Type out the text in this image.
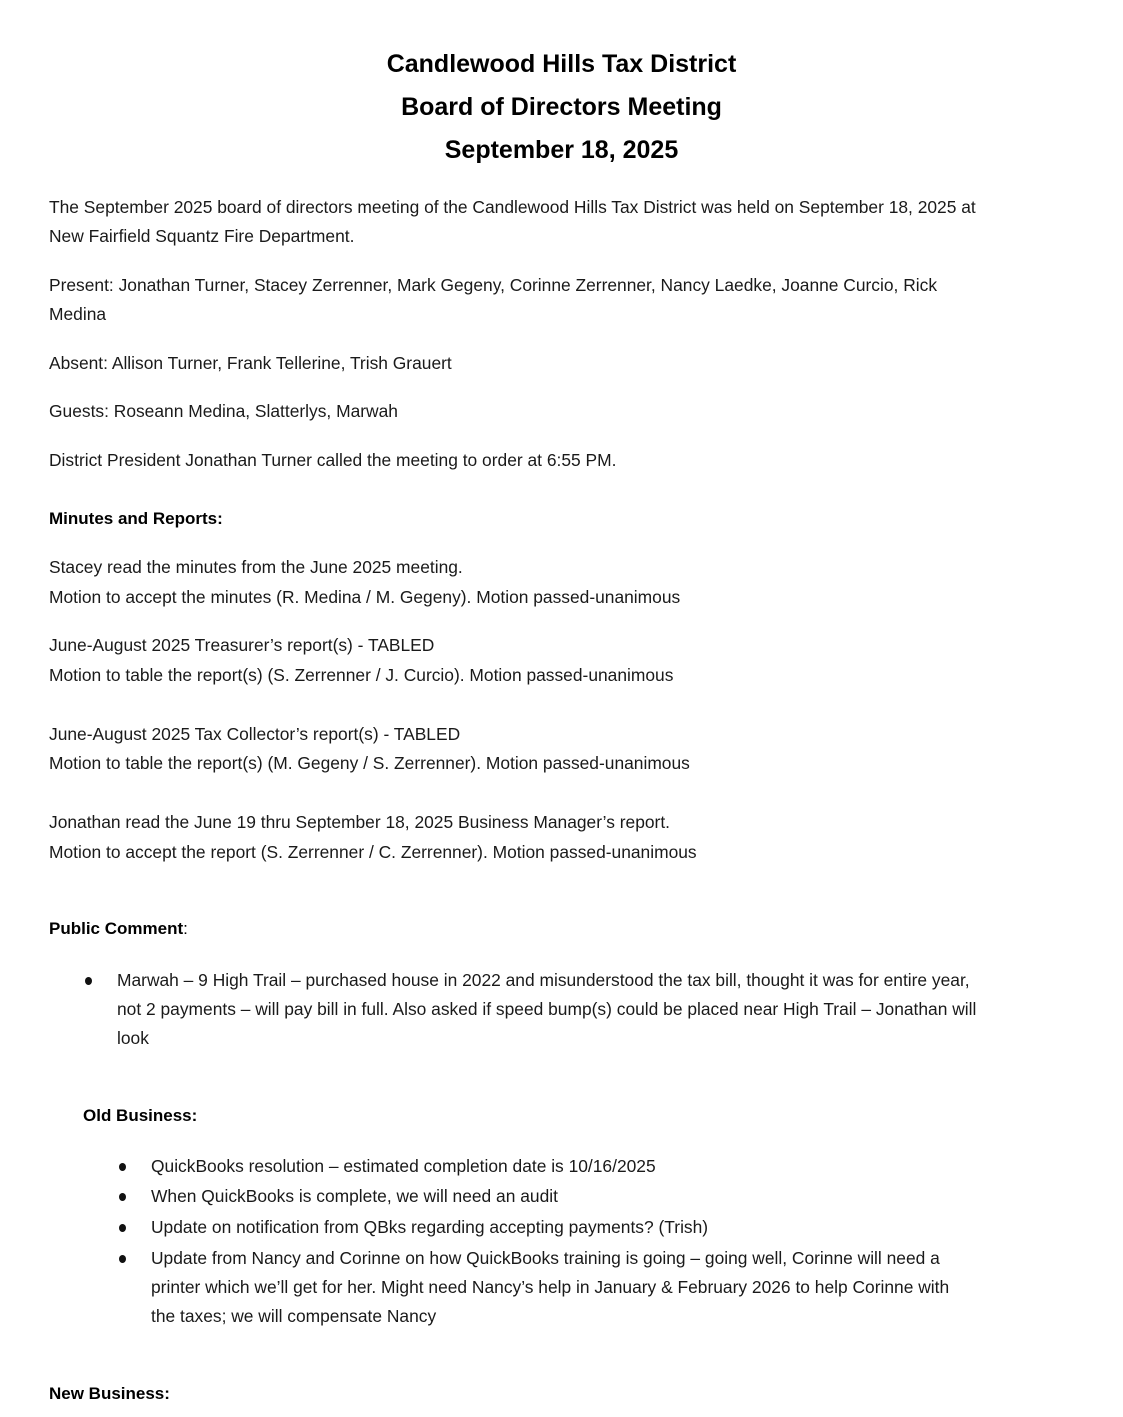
Candlewood Hills Tax District
Board of Directors Meeting
September 18, 2025
The September 2025 board of directors meeting of the Candlewood Hills Tax District was held on September 18, 2025 at
New Fairfield Squantz Fire Department.
Present: Jonathan Turner, Stacey Zerrenner, Mark Gegeny, Corinne Zerrenner, Nancy Laedke, Joanne Curcio, Rick
Medina
Absent: Allison Turner, Frank Tellerine, Trish Grauert
Guests: Roseann Medina, Slatterlys, Marwah
District President Jonathan Turner called the meeting to order at 6:55 PM.
Minutes and Reports:
Stacey read the minutes from the June 2025 meeting.
Motion to accept the minutes (R. Medina / M. Gegeny). Motion passed-unanimous
June-August 2025 Treasurer’s report(s) - TABLED
Motion to table the report(s) (S. Zerrenner / J. Curcio). Motion passed-unanimous
June-August 2025 Tax Collector’s report(s) - TABLED
Motion to table the report(s) (M. Gegeny / S. Zerrenner). Motion passed-unanimous
Jonathan read the June 19 thru September 18, 2025 Business Manager’s report.
Motion to accept the report (S. Zerrenner / C. Zerrenner). Motion passed-unanimous
Public Comment:
Marwah – 9 High Trail – purchased house in 2022 and misunderstood the tax bill, thought it was for entire year,
not 2 payments – will pay bill in full. Also asked if speed bump(s) could be placed near High Trail – Jonathan will
look
Old Business:
QuickBooks resolution – estimated completion date is 10/16/2025
When QuickBooks is complete, we will need an audit
Update on notification from QBks regarding accepting payments? (Trish)
Update from Nancy and Corinne on how QuickBooks training is going – going well, Corinne will need a
printer which we’ll get for her. Might need Nancy’s help in January & February 2026 to help Corinne with
the taxes; we will compensate Nancy
New Business:
